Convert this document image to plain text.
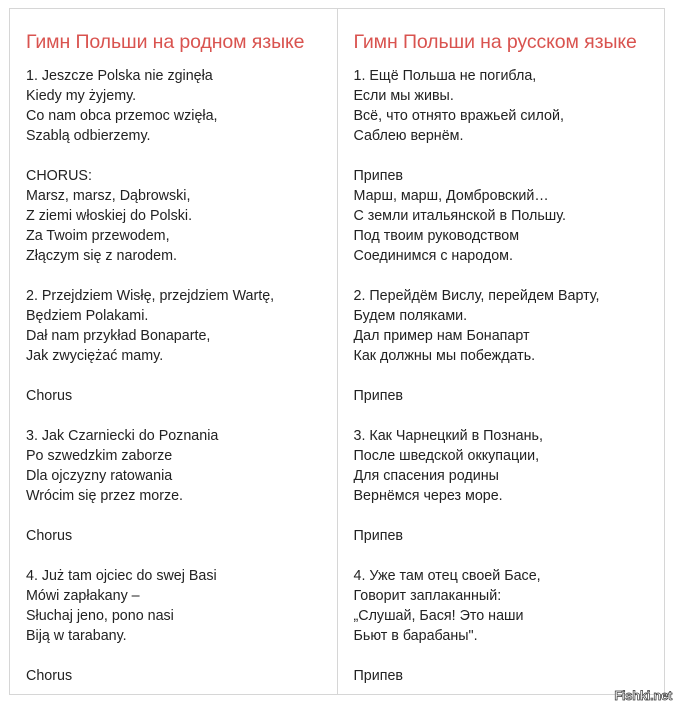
Гимн Польши на родном языке
1. Jeszcze Polska nie zginęła
Kiedy my żyjemy.
Co nam obca przemoc wzięła,
Szablą odbierzemy.
CHORUS:
Marsz, marsz, Dąbrowski,
Z ziemi włoskiej do Polski.
Za Twoim przewodem,
Złączym się z narodem.
2. Przejdziem Wisłę, przejdziem Wartę,
Będziem Polakami.
Dał nam przykład Bonaparte,
Jak zwyciężać mamy.
Chorus
3. Jak Czarniecki do Poznania
Po szwedzkim zaborze
Dla ojczyzny ratowania
Wrócim się przez morze.
Chorus
4. Już tam ojciec do swej Basi
Mówi zapłakany –
Słuchaj jeno, pono nasi
Biją w tarabany.
Chorus
Гимн Польши на русском языке
1. Ещё Польша не погибла,
Если мы живы.
Всё, что отнято вражьей силой,
Саблею вернём.
Припев
Марш, марш, Домбровский…
С земли итальянской в Польшу.
Под твоим руководством
Соединимся с народом.
2. Перейдём Вислу, перейдем Варту,
Будем поляками.
Дал пример нам Бонапарт
Как должны мы побеждать.
Припев
3. Как Чарнецкий в Познань,
После шведской оккупации,
Для спасения родины
Вернёмся через море.
Припев
4. Уже там отец своей Басе,
Говорит заплаканный:
„Слушай, Бася! Это наши
Бьют в барабаны".
Припев
Fishki.net
